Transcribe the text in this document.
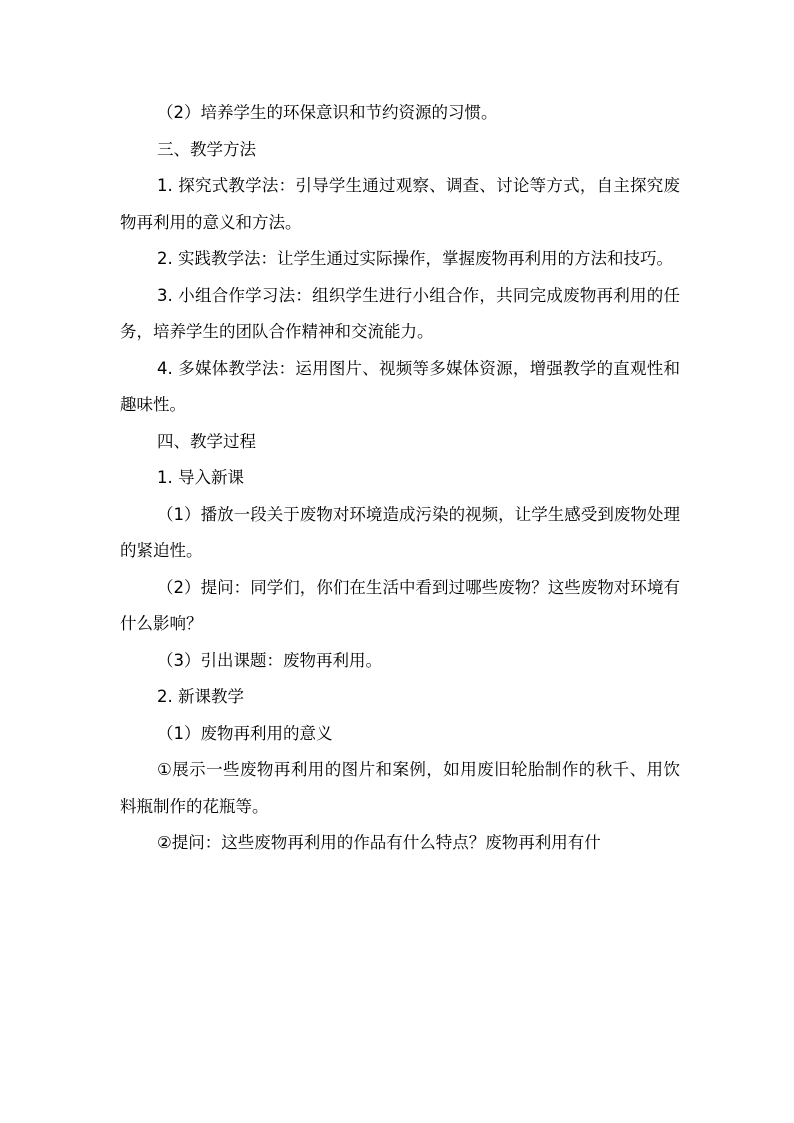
（2）培养学生的环保意识和节约资源的习惯。

三、教学方法

1. 探究式教学法：引导学生通过观察、调查、讨论等方式，自主探究废物再利用的意义和方法。

2. 实践教学法：让学生通过实际操作，掌握废物再利用的方法和技巧。

3. 小组合作学习法：组织学生进行小组合作，共同完成废物再利用的任务，培养学生的团队合作精神和交流能力。

4. 多媒体教学法：运用图片、视频等多媒体资源，增强教学的直观性和趣味性。

四、教学过程

1. 导入新课

（1）播放一段关于废物对环境造成污染的视频，让学生感受到废物处理的紧迫性。

（2）提问：同学们，你们在生活中看到过哪些废物？这些废物对环境有什么影响？

（3）引出课题：废物再利用。

2. 新课教学

（1）废物再利用的意义

①展示一些废物再利用的图片和案例，如用废旧轮胎制作的秋千、用饮料瓶制作的花瓶等。

②提问：这些废物再利用的作品有什么特点？废物再利用有什
